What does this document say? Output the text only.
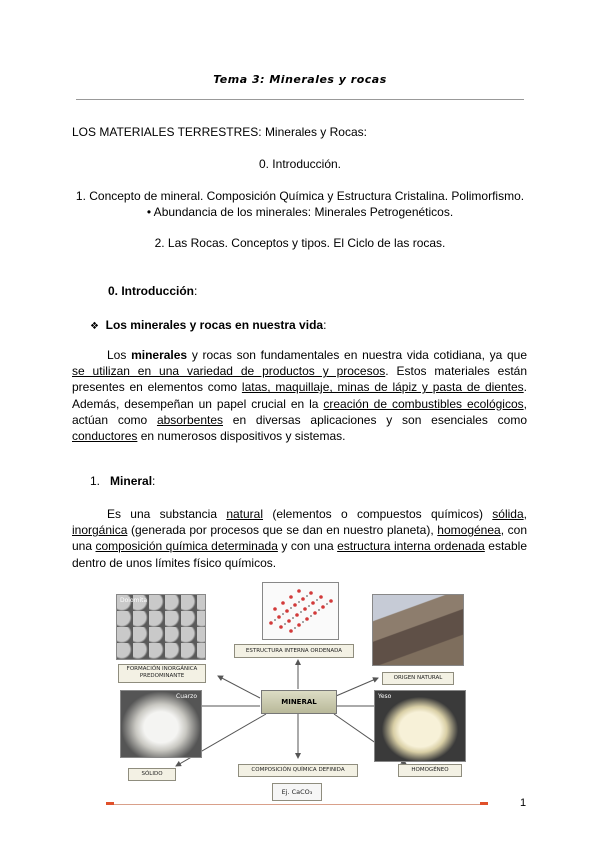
Tema 3: Minerales y rocas
LOS MATERIALES TERRESTRES: Minerales y Rocas:
0. Introducción.
1. Concepto de mineral. Composición Química y Estructura Cristalina. Polimorfismo.
• Abundancia de los minerales: Minerales Petrogenéticos.
2. Las Rocas. Conceptos y tipos. El Ciclo de las rocas.
0. Introducción:
❖ Los minerales y rocas en nuestra vida:
Los minerales y rocas son fundamentales en nuestra vida cotidiana, ya que se utilizan en una variedad de productos y procesos. Estos materiales están presentes en elementos como latas, maquillaje, minas de lápiz y pasta de dientes. Además, desempeñan un papel crucial en la creación de combustibles ecológicos, actúan como absorbentes en diversas aplicaciones y son esenciales como conductores en numerosos dispositivos y sistemas.
1. Mineral:
Es una substancia natural (elementos o compuestos químicos) sólida, inorgánica (generada por procesos que se dan en nuestro planeta), homogénea, con una composición química determinada y con una estructura interna ordenada estable dentro de unos límites físico químicos.
Dolomita
Cuarzo	Yeso
ESTRUCTURA INTERNA ORDENADA
FORMACIÓN INORGÁNICA PREDOMINANTE	ORIGEN NATURAL
MINERAL
SÓLIDO
COMPOSICIÓN QUÍMICA DEFINIDA	HOMOGÉNEO
Ej. CaCO₃
1
